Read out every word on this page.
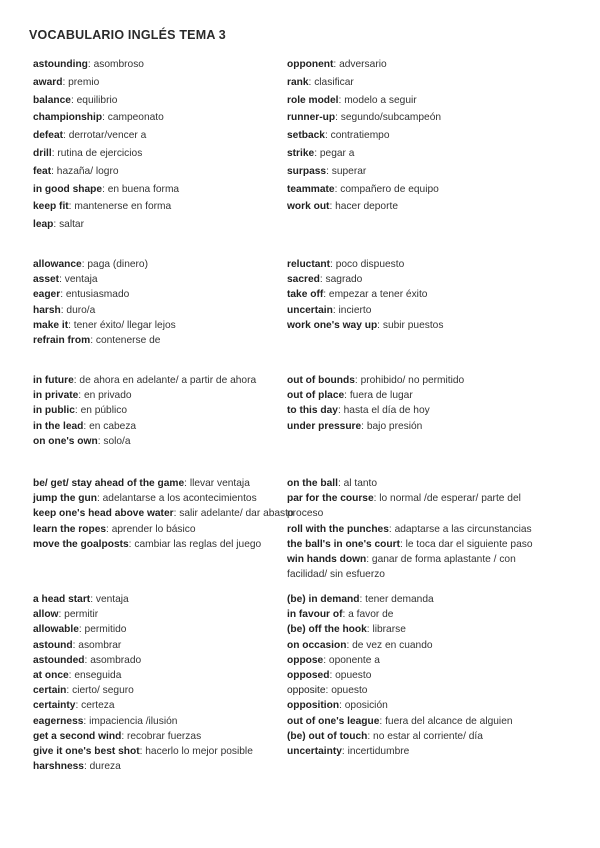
VOCABULARIO INGLÉS TEMA 3
astounding: asombroso
award: premio
balance: equilibrio
championship: campeonato
defeat: derrotar/vencer a
drill: rutina de ejercicios
feat: hazaña/ logro
in good shape: en buena forma
keep fit: mantenerse en forma
leap: saltar
opponent: adversario
rank: clasificar
role model: modelo a seguir
runner-up: segundo/subcampeón
setback: contratiempo
strike: pegar a
surpass: superar
teammate: compañero de equipo
work out: hacer deporte
allowance: paga (dinero)
asset: ventaja
eager: entusiasmado
harsh: duro/a
make it: tener éxito/ llegar lejos
refrain from: contenerse de
reluctant: poco dispuesto
sacred: sagrado
take off: empezar a tener éxito
uncertain: incierto
work one's way up: subir puestos
in future: de ahora en adelante/ a partir de ahora
in private: en privado
in public: en público
in the lead: en cabeza
on one's own: solo/a
out of bounds: prohibido/ no permitido
out of place: fuera de lugar
to this day: hasta el día de hoy
under pressure: bajo presión
be/ get/ stay ahead of the game: llevar ventaja
jump the gun: adelantarse a los acontecimientos
keep one's head above water: salir adelante/ dar abasto
learn the ropes: aprender lo básico
move the goalposts: cambiar las reglas del juego
on the ball: al tanto
par for the course: lo normal /de esperar/ parte del proceso
roll with the punches: adaptarse a las circunstancias
the ball's in one's court: le toca dar el siguiente paso
win hands down: ganar de forma aplastante / con facilidad/ sin esfuerzo
a head start: ventaja
allow: permitir
allowable: permitido
astound: asombrar
astounded: asombrado
at once: enseguida
certain: cierto/ seguro
certainty: certeza
eagerness: impaciencia /ilusión
get a second wind: recobrar fuerzas
give it one's best shot: hacerlo lo mejor posible
harshness: dureza
(be) in demand: tener demanda
in favour of: a favor de
(be) off the hook: librarse
on occasion: de vez en cuando
oppose: oponente a
opposed: opuesto
opposite: opuesto
opposition: oposición
out of one's league: fuera del alcance de alguien
(be) out of touch: no estar al corriente/ día
uncertainty: incertidumbre
